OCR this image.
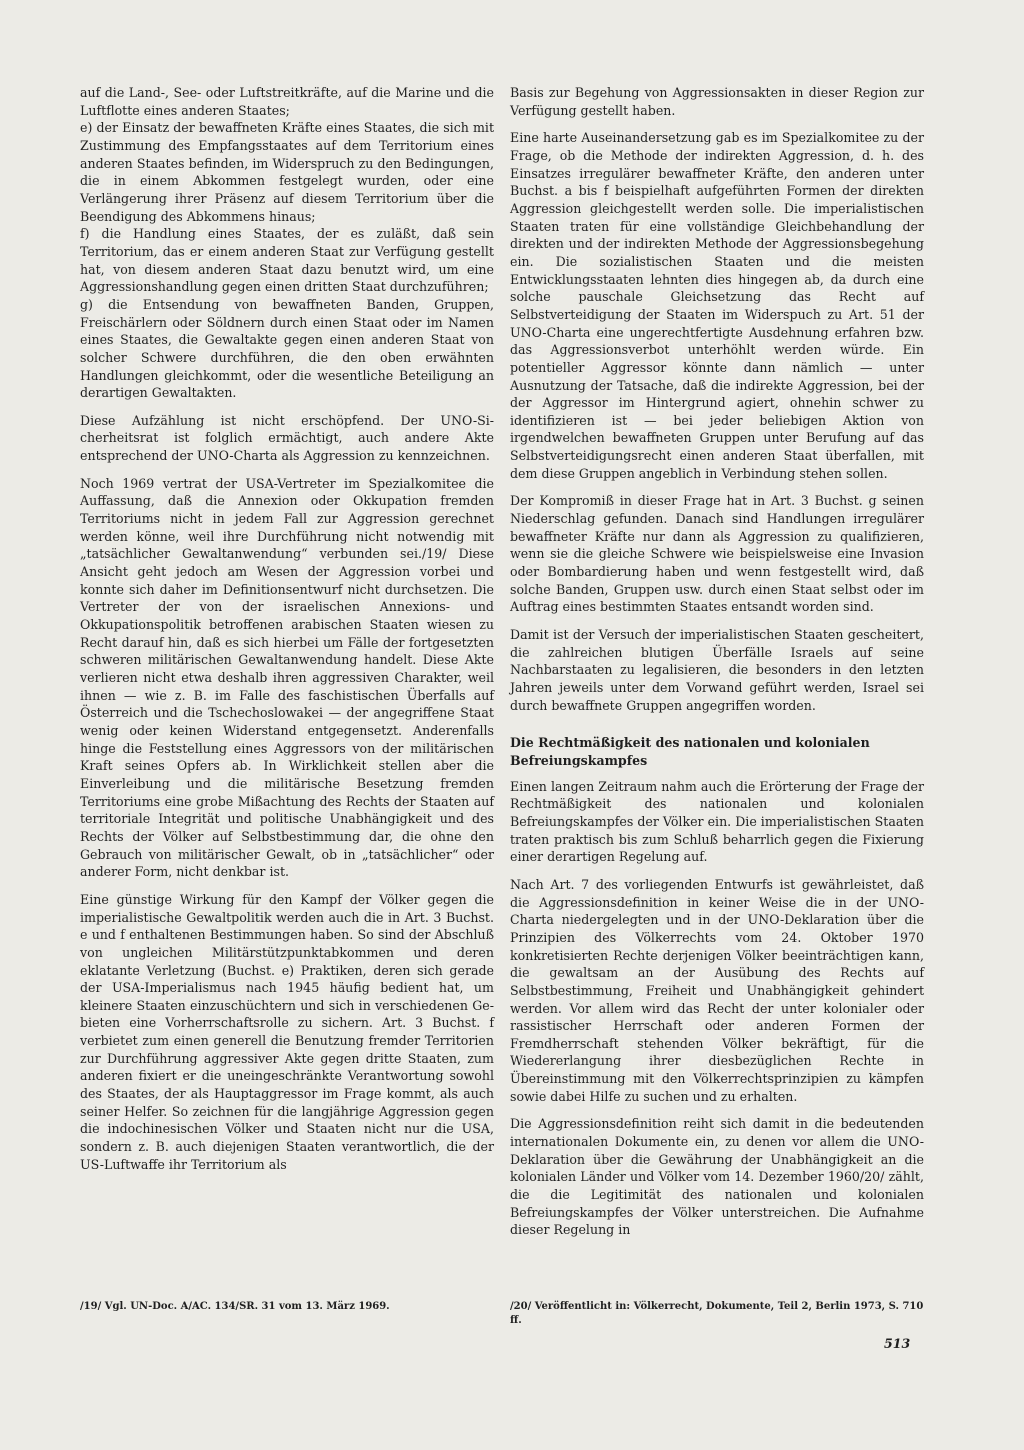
auf die Land-, See- oder Luftstreitkräfte, auf die Marine und die Luftflotte eines anderen Staates;

e) der Einsatz der bewaffneten Kräfte eines Staates, die sich mit Zustimmung des Empfangsstaates auf dem Territorium eines anderen Staates befinden, im Widerspruch zu den Bedingungen, die in einem Abkommen festgelegt wurden, oder eine Verlängerung ihrer Präsenz auf diesem Territorium über die Beendigung des Abkommens hinaus;

f) die Handlung eines Staates, der es zuläßt, daß sein Territorium, das er einem anderen Staat zur Verfügung gestellt hat, von diesem anderen Staat dazu benutzt wird, um eine Aggressionshandlung gegen einen dritten Staat durchzuführen;

g) die Entsendung von bewaffneten Banden, Gruppen, Freischärlern oder Söldnern durch einen Staat oder im Namen eines Staates, die Gewaltakte gegen einen anderen Staat von solcher Schwere durchführen, die den oben erwähnten Handlungen gleichkommt, oder die wesentliche Beteiligung an derartigen Gewaltakten.

Diese Aufzählung ist nicht erschöpfend. Der UNO-Sicherheitsrat ist folglich ermächtigt, auch andere Akte entsprechend der UNO-Charta als Aggression zu kennzeichnen.

Noch 1969 vertrat der USA-Vertreter im Spezialkomitee die Auffassung, daß die Annexion oder Okkupation fremden Territoriums nicht in jedem Fall zur Aggression gerechnet werden könne, weil ihre Durchführung nicht notwendig mit „tatsächlicher Gewaltanwendung“ verbunden sei./19/ Diese Ansicht geht jedoch am Wesen der Aggression vorbei und konnte sich daher im Definitionsentwurf nicht durchsetzen. Die Vertreter der von der israelischen Annexions- und Okkupationspolitik betroffenen arabischen Staaten wiesen zu Recht darauf hin, daß es sich hierbei um Fälle der fortgesetzten schweren militärischen Gewaltanwendung handelt. Diese Akte verlieren nicht etwa deshalb ihren aggressiven Charakter, weil ihnen — wie z. B. im Falle des faschistischen Überfalls auf Österreich und die Tschechoslowakei — der angegriffene Staat wenig oder keinen Widerstand entgegensetzt. Anderenfalls hinge die Feststellung eines Aggressors von der militärischen Kraft seines Opfers ab. In Wirklichkeit stellen aber die Einverleibung und die militärische Besetzung fremden Territoriums eine grobe Mißachtung des Rechts der Staaten auf territoriale Integrität und politische Unabhängigkeit und des Rechts der Völker auf Selbstbestimmung dar, die ohne den Gebrauch von militärischer Gewalt, ob in „tatsächlicher“ oder anderer Form, nicht denkbar ist.

Eine günstige Wirkung für den Kampf der Völker gegen die imperialistische Gewaltpolitik werden auch die in Art. 3 Buchst. e und f enthaltenen Bestimmungen haben. So sind der Abschluß von ungleichen Militärstützpunktabkommen und deren eklatante Verletzung (Buchst. e) Praktiken, deren sich gerade der USA-Imperialismus nach 1945 häufig bedient hat, um kleinere Staaten einzuschüchtern und sich in verschiedenen Gebieten eine Vorherrschaftsrolle zu sichern. Art. 3 Buchst. f verbietet zum einen generell die Benutzung fremder Territorien zur Durchführung aggressiver Akte gegen dritte Staaten, zum anderen fixiert er die uneingeschränkte Verantwortung sowohl des Staates, der als Hauptaggressor im Frage kommt, als auch seiner Helfer. So zeichnen für die langjährige Aggression gegen die indochinesischen Völker und Staaten nicht nur die USA, sondern z. B. auch diejenigen Staaten verantwortlich, die der US-Luftwaffe ihr Territorium als

Basis zur Begehung von Aggressionsakten in dieser Region zur Verfügung gestellt haben.

Eine harte Auseinandersetzung gab es im Spezialkomitee zu der Frage, ob die Methode der indirekten Aggression, d. h. des Einsatzes irregulärer bewaffneter Kräfte, den anderen unter Buchst. a bis f beispielhaft aufgeführten Formen der direkten Aggression gleichgestellt werden solle. Die imperialistischen Staaten traten für eine vollständige Gleichbehandlung der direkten und der indirekten Methode der Aggressionsbegehung ein. Die sozialistischen Staaten und die meisten Entwicklungsstaaten lehnten dies hingegen ab, da durch eine solche pauschale Gleichsetzung das Recht auf Selbstverteidigung der Staaten im Widerspuch zu Art. 51 der UNO-Charta eine ungerechtfertigte Ausdehnung erfahren bzw. das Aggressionsverbot unterhöhlt werden würde. Ein potentieller Aggressor könnte dann nämlich — unter Ausnutzung der Tatsache, daß die indirekte Aggression, bei der der Aggressor im Hintergrund agiert, ohnehin schwer zu identifizieren ist — bei jeder beliebigen Aktion von irgendwelchen bewaffneten Gruppen unter Berufung auf das Selbstverteidigungsrecht einen anderen Staat überfallen, mit dem diese Gruppen angeblich in Verbindung stehen sollen.

Der Kompromiß in dieser Frage hat in Art. 3 Buchst. g seinen Niederschlag gefunden. Danach sind Handlungen irregulärer bewaffneter Kräfte nur dann als Aggression zu qualifizieren, wenn sie die gleiche Schwere wie beispielsweise eine Invasion oder Bombardierung haben und wenn festgestellt wird, daß solche Banden, Gruppen usw. durch einen Staat selbst oder im Auftrag eines bestimmten Staates entsandt worden sind.

Damit ist der Versuch der imperialistischen Staaten gescheitert, die zahlreichen blutigen Überfälle Israels auf seine Nachbarstaaten zu legalisieren, die besonders in den letzten Jahren jeweils unter dem Vorwand geführt werden, Israel sei durch bewaffnete Gruppen angegriffen worden.

Die Rechtmäßigkeit des nationalen und kolonialen Befreiungskampfes

Einen langen Zeitraum nahm auch die Erörterung der Frage der Rechtmäßigkeit des nationalen und kolonialen Befreiungskampfes der Völker ein. Die imperialistischen Staaten traten praktisch bis zum Schluß beharrlich gegen die Fixierung einer derartigen Regelung auf.

Nach Art. 7 des vorliegenden Entwurfs ist gewährleistet, daß die Aggressionsdefinition in keiner Weise die in der UNO-Charta niedergelegten und in der UNO-Deklaration über die Prinzipien des Völkerrechts vom 24. Oktober 1970 konkretisierten Rechte derjenigen Völker beeinträchtigen kann, die gewaltsam an der Ausübung des Rechts auf Selbstbestimmung, Freiheit und Unabhängigkeit gehindert werden. Vor allem wird das Recht der unter kolonialer oder rassistischer Herrschaft oder anderen Formen der Fremdherrschaft stehenden Völker bekräftigt, für die Wiedererlangung ihrer diesbezüglichen Rechte in Übereinstimmung mit den Völkerrechtsprinzipien zu kämpfen sowie dabei Hilfe zu suchen und zu erhalten.

Die Aggressionsdefinition reiht sich damit in die bedeutenden internationalen Dokumente ein, zu denen vor allem die UNO-Deklaration über die Gewährung der Unabhängigkeit an die kolonialen Länder und Völker vom 14. Dezember 1960/20/ zählt, die die Legitimität des nationalen und kolonialen Befreiungskampfes der Völker unterstreichen. Die Aufnahme dieser Regelung in

/19/ Vgl. UN-Doc. A/AC. 134/SR. 31 vom 13. März 1969.	/20/ Veröffentlicht in: Völkerrecht, Dokumente, Teil 2, Berlin 1973, S. 710 ff.
513
